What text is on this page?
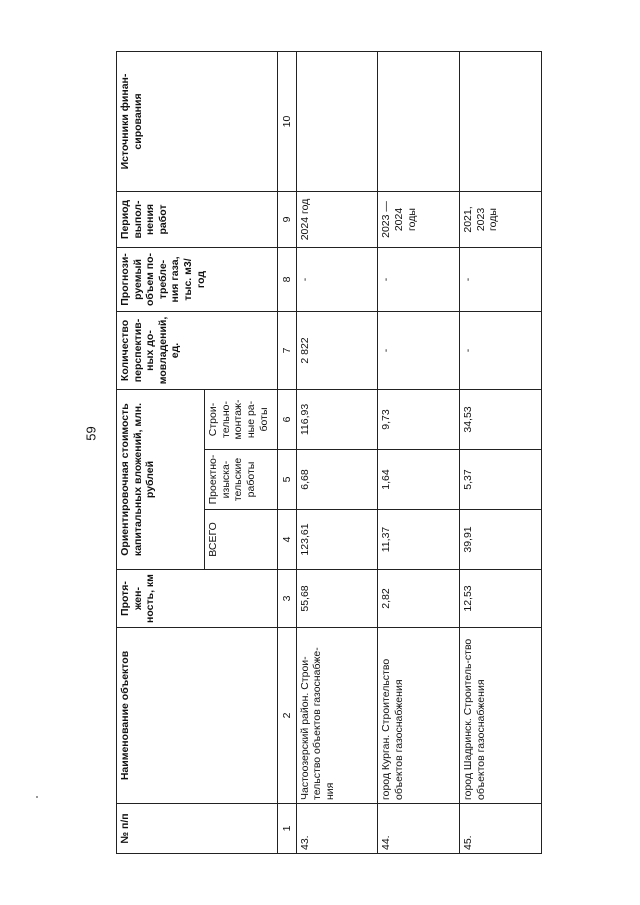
59
№ п/п	Наименование объектов	Протя-жен-ность, км	Ориентировочная стоимость капитальных вложений, млн. рублей			Количество перспектив-ных до-мовладений, ед.	Прогнози-руемый объем по-требле-ния газа, тыс. м3/год	Период выпол-нения работ	Источники финан-сирования
			ВСЕГО	Проектно-изыска-тельские работы	Строи-тельно-монтаж-ные ра-боты				
1	2	3	4	5	6	7	8	9	10
43.	Частоозерский район. Строи-тельство объектов газоснабже-ния	55,68	123,61	6,68	116,93	2 822	-	2024 год	
44.	город Курган. Строительство объектов газоснабжения	2,82	11,37	1,64	9,73	-	-	2023 — 2024 годы	
45.	город Шадринск. Строитель-ство объектов газоснабжения	12,53	39,91	5,37	34,53	-	-	2021, 2023 годы	
